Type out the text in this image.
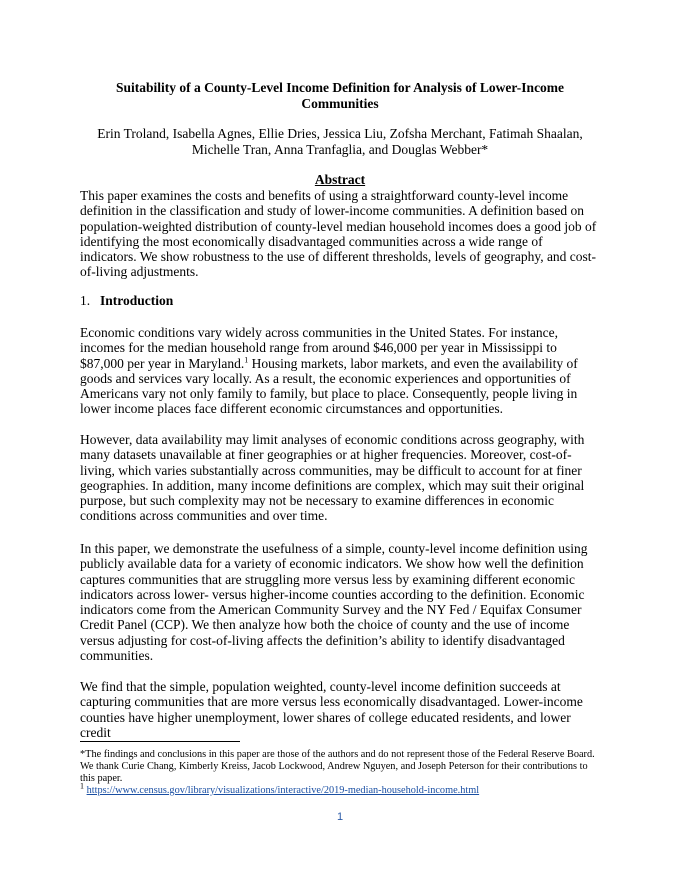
Suitability of a County-Level Income Definition for Analysis of Lower-Income Communities
Erin Troland, Isabella Agnes, Ellie Dries, Jessica Liu, Zofsha Merchant, Fatimah Shaalan, Michelle Tran, Anna Tranfaglia, and Douglas Webber*
Abstract

This paper examines the costs and benefits of using a straightforward county-level income definition in the classification and study of lower-income communities. A definition based on population-weighted distribution of county-level median household incomes does a good job of identifying the most economically disadvantaged communities across a wide range of indicators. We show robustness to the use of different thresholds, levels of geography, and cost-of-living adjustments.

1. Introduction

Economic conditions vary widely across communities in the United States. For instance, incomes for the median household range from around $46,000 per year in Mississippi to $87,000 per year in Maryland.$^1$ Housing markets, labor markets, and even the availability of goods and services vary locally. As a result, the economic experiences and opportunities of Americans vary not only family to family, but place to place. Consequently, people living in lower income places face different economic circumstances and opportunities.

However, data availability may limit analyses of economic conditions across geography, with many datasets unavailable at finer geographies or at higher frequencies. Moreover, cost-of-living, which varies substantially across communities, may be difficult to account for at finer geographies. In addition, many income definitions are complex, which may suit their original purpose, but such complexity may not be necessary to examine differences in economic conditions across communities and over time.

In this paper, we demonstrate the usefulness of a simple, county-level income definition using publicly available data for a variety of economic indicators. We show how well the definition captures communities that are struggling more versus less by examining different economic indicators across lower- versus higher-income counties according to the definition. Economic indicators come from the American Community Survey and the NY Fed / Equifax Consumer Credit Panel (CCP). We then analyze how both the choice of county and the use of income versus adjusting for cost-of-living affects the definition’s ability to identify disadvantaged communities.

We find that the simple, population weighted, county-level income definition succeeds at capturing communities that are more versus less economically disadvantaged. Lower-income counties have higher unemployment, lower shares of college educated residents, and lower credit

*The findings and conclusions in this paper are those of the authors and do not represent those of the Federal Reserve Board. We thank Curie Chang, Kimberly Kreiss, Jacob Lockwood, Andrew Nguyen, and Joseph Peterson for their contributions to this paper.
$^1$ https://www.census.gov/library/visualizations/interactive/2019-median-household-income.html
1
